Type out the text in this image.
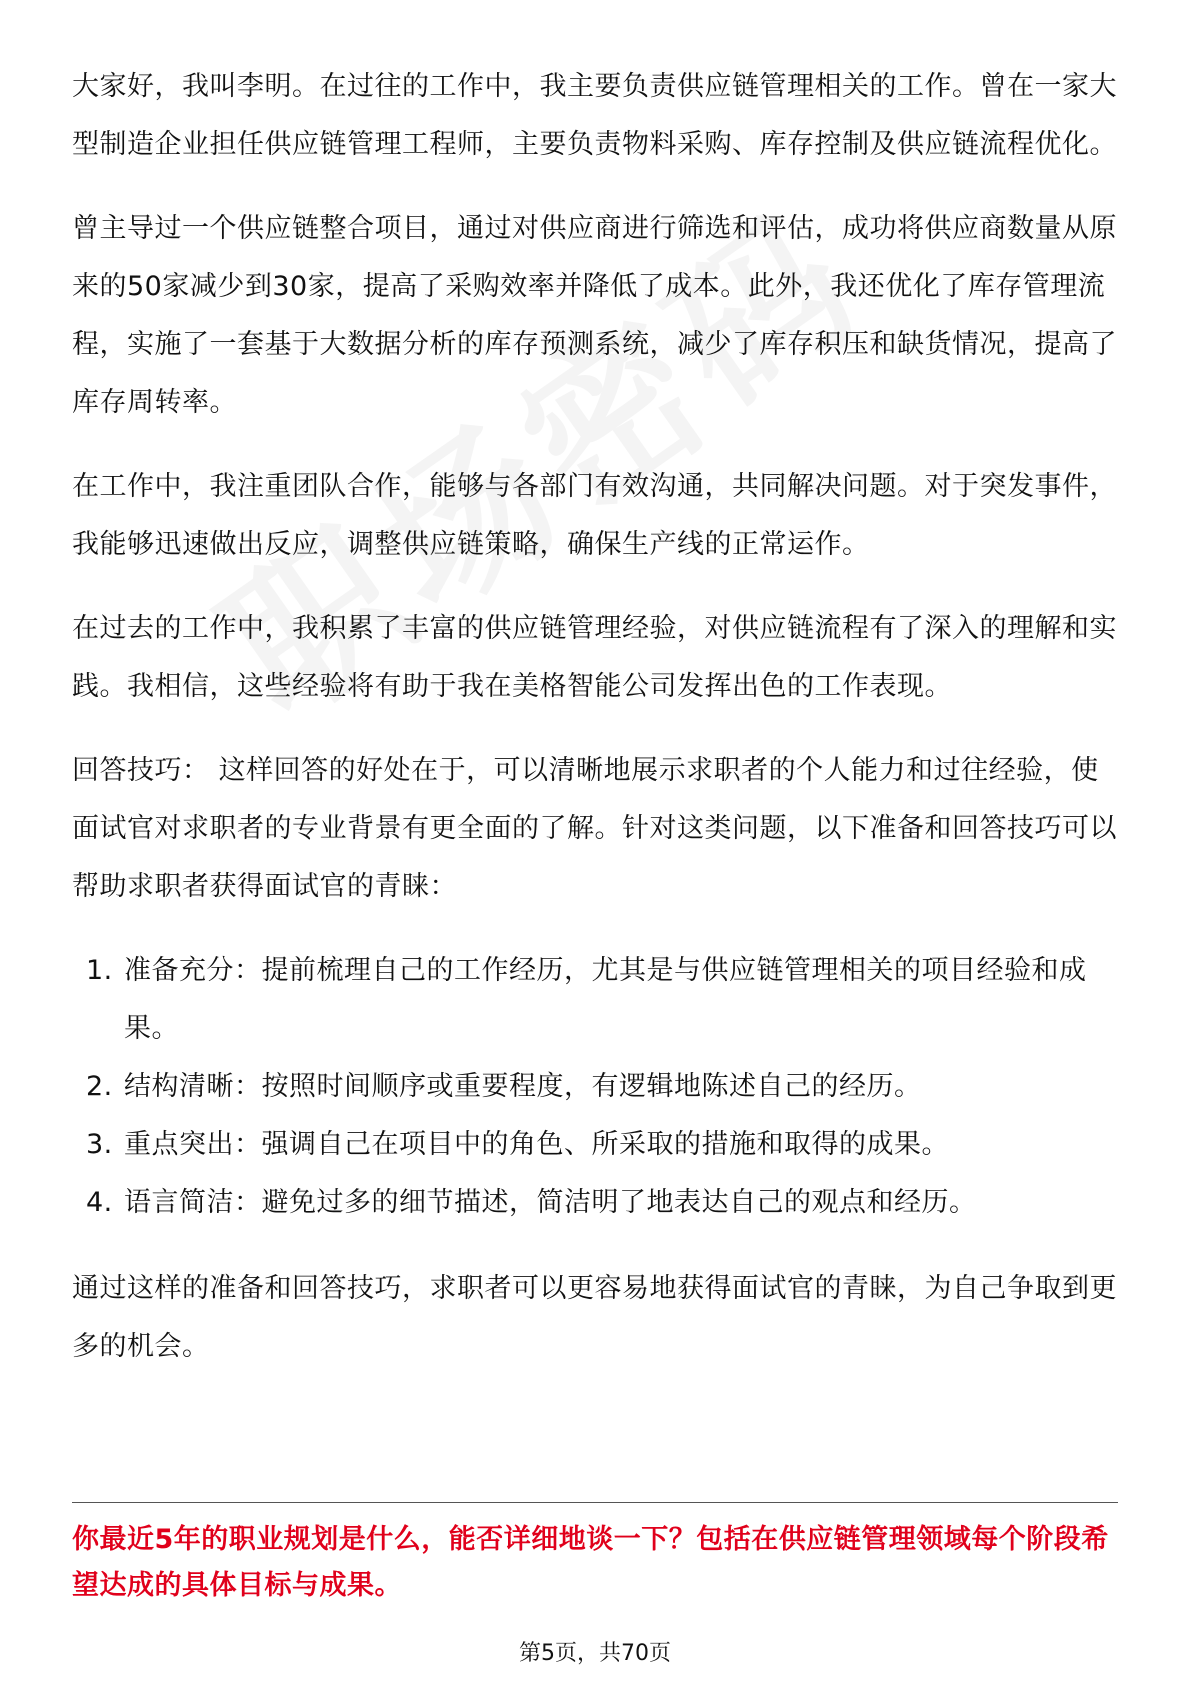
大家好，我叫李明。在过往的工作中，我主要负责供应链管理相关的工作。曾在一家大型制造企业担任供应链管理工程师，主要负责物料采购、库存控制及供应链流程优化。

曾主导过一个供应链整合项目，通过对供应商进行筛选和评估，成功将供应商数量从原来的50家减少到30家，提高了采购效率并降低了成本。此外，我还优化了库存管理流程，实施了一套基于大数据分析的库存预测系统，减少了库存积压和缺货情况，提高了库存周转率。

在工作中，我注重团队合作，能够与各部门有效沟通，共同解决问题。对于突发事件，我能够迅速做出反应，调整供应链策略，确保生产线的正常运作。

在过去的工作中，我积累了丰富的供应链管理经验，对供应链流程有了深入的理解和实践。我相信，这些经验将有助于我在美格智能公司发挥出色的工作表现。

回答技巧： 这样回答的好处在于，可以清晰地展示求职者的个人能力和过往经验，使面试官对求职者的专业背景有更全面的了解。针对这类问题，以下准备和回答技巧可以帮助求职者获得面试官的青睐：

1. 准备充分：提前梳理自己的工作经历，尤其是与供应链管理相关的项目经验和成果。
2. 结构清晰：按照时间顺序或重要程度，有逻辑地陈述自己的经历。
3. 重点突出：强调自己在项目中的角色、所采取的措施和取得的成果。
4. 语言简洁：避免过多的细节描述，简洁明了地表达自己的观点和经历。

通过这样的准备和回答技巧，求职者可以更容易地获得面试官的青睐，为自己争取到更多的机会。

你最近5年的职业规划是什么，能否详细地谈一下？包括在供应链管理领域每个阶段希望达成的具体目标与成果。
第5页，共70页
